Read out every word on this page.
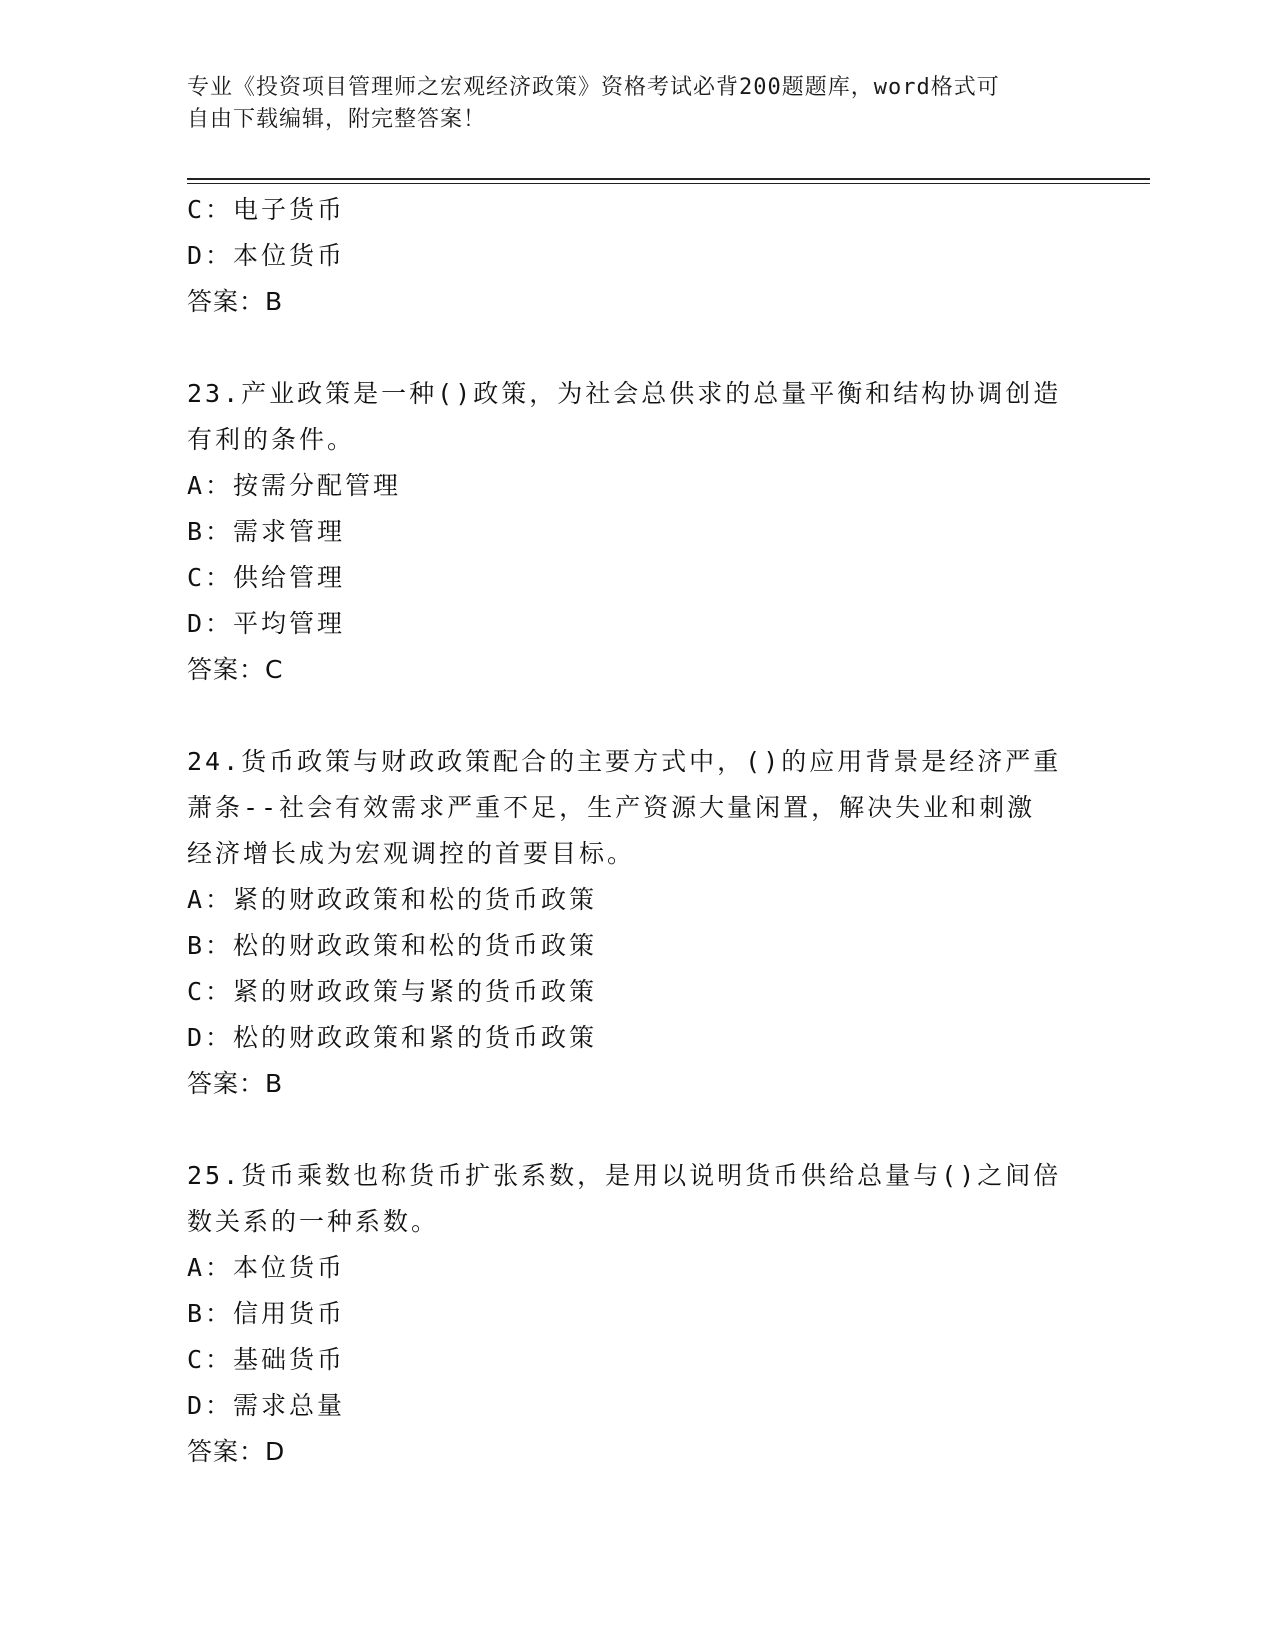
专业《投资项目管理师之宏观经济政策》资格考试必背200题题库，word格式可
自由下载编辑，附完整答案！
C：电子货币
D：本位货币
答案：B
23.产业政策是一种()政策，为社会总供求的总量平衡和结构协调创造
有利的条件。
A：按需分配管理
B：需求管理
C：供给管理
D：平均管理
答案：C
24.货币政策与财政政策配合的主要方式中，()的应用背景是经济严重
萧条--社会有效需求严重不足，生产资源大量闲置，解决失业和刺激
经济增长成为宏观调控的首要目标。
A：紧的财政政策和松的货币政策
B：松的财政政策和松的货币政策
C：紧的财政政策与紧的货币政策
D：松的财政政策和紧的货币政策
答案：B
25.货币乘数也称货币扩张系数，是用以说明货币供给总量与()之间倍
数关系的一种系数。
A：本位货币
B：信用货币
C：基础货币
D：需求总量
答案：D
